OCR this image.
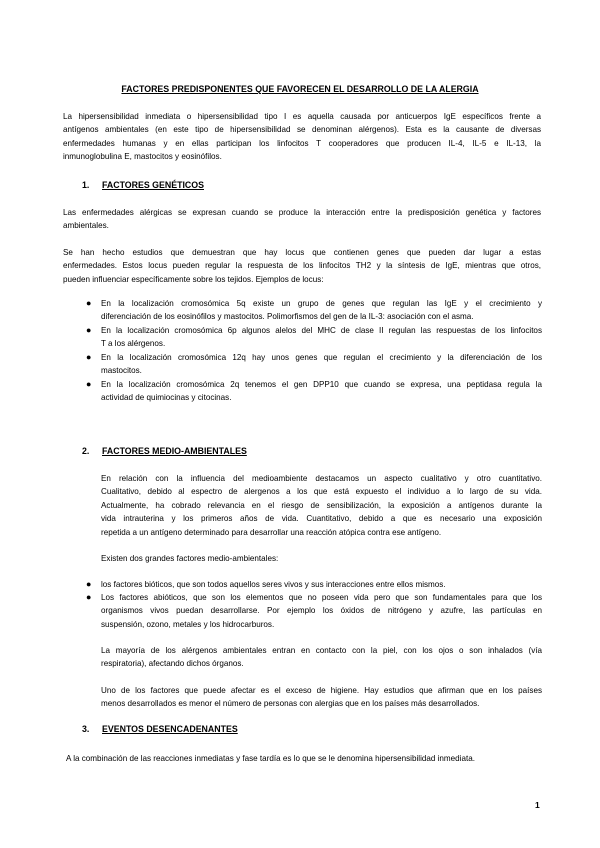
FACTORES PREDISPONENTES QUE FAVORECEN EL DESARROLLO DE LA ALERGIA
La hipersensibilidad inmediata o hipersensibilidad tipo I es aquella causada por anticuerpos IgE específicos frente a
antígenos ambientales (en este tipo de hipersensibilidad se denominan alérgenos). Esta es la causante de diversas
enfermedades humanas y en ellas participan los linfocitos T cooperadores que producen IL-4, IL-5 e IL-13, la
inmunoglobulina E, mastocitos y eosinófilos.
1. FACTORES GENÉTICOS
Las enfermedades alérgicas se expresan cuando se produce la interacción entre la predisposición genética y factores
ambientales.
Se han hecho estudios que demuestran que hay locus que contienen genes que pueden dar lugar a estas
enfermedades. Estos locus pueden regular la respuesta de los linfocitos TH2 y la síntesis de IgE, mientras que otros,
pueden influenciar específicamente sobre los tejidos. Ejemplos de locus:
● En la localización cromosómica 5q existe un grupo de genes que regulan las IgE y el crecimiento y
diferenciación de los eosinófilos y mastocitos. Polimorfismos del gen de la IL-3: asociación con el asma.
● En la localización cromosómica 6p algunos alelos del MHC de clase II regulan las respuestas de los linfocitos
T a los alérgenos.
● En la localización cromosómica 12q hay unos genes que regulan el crecimiento y la diferenciación de los
mastocitos.
● En la localización cromosómica 2q tenemos el gen DPP10 que cuando se expresa, una peptidasa regula la
actividad de quimiocinas y citocinas.
2. FACTORES MEDIO-AMBIENTALES
En relación con la influencia del medioambiente destacamos un aspecto cualitativo y otro cuantitativo.
Cualitativo, debido al espectro de alergenos a los que está expuesto el individuo a lo largo de su vida.
Actualmente, ha cobrado relevancia en el riesgo de sensibilización, la exposición a antígenos durante la
vida intrauterina y los primeros años de vida. Cuantitativo, debido a que es necesario una exposición
repetida a un antígeno determinado para desarrollar una reacción atópica contra ese antígeno.
Existen dos grandes factores medio-ambientales:
● los factores bióticos, que son todos aquellos seres vivos y sus interacciones entre ellos mismos.
● Los factores abióticos, que son los elementos que no poseen vida pero que son fundamentales para que los
organismos vivos puedan desarrollarse. Por ejemplo los óxidos de nitrógeno y azufre, las partículas en
suspensión, ozono, metales y los hidrocarburos.
La mayoría de los alérgenos ambientales entran en contacto con la piel, con los ojos o son inhalados (vía
respiratoria), afectando dichos órganos.
Uno de los factores que puede afectar es el exceso de higiene. Hay estudios que afirman que en los países
menos desarrollados es menor el número de personas con alergias que en los países más desarrollados.
3. EVENTOS DESENCADENANTES
A la combinación de las reacciones inmediatas y fase tardía es lo que se le denomina hipersensibilidad inmediata.
1
